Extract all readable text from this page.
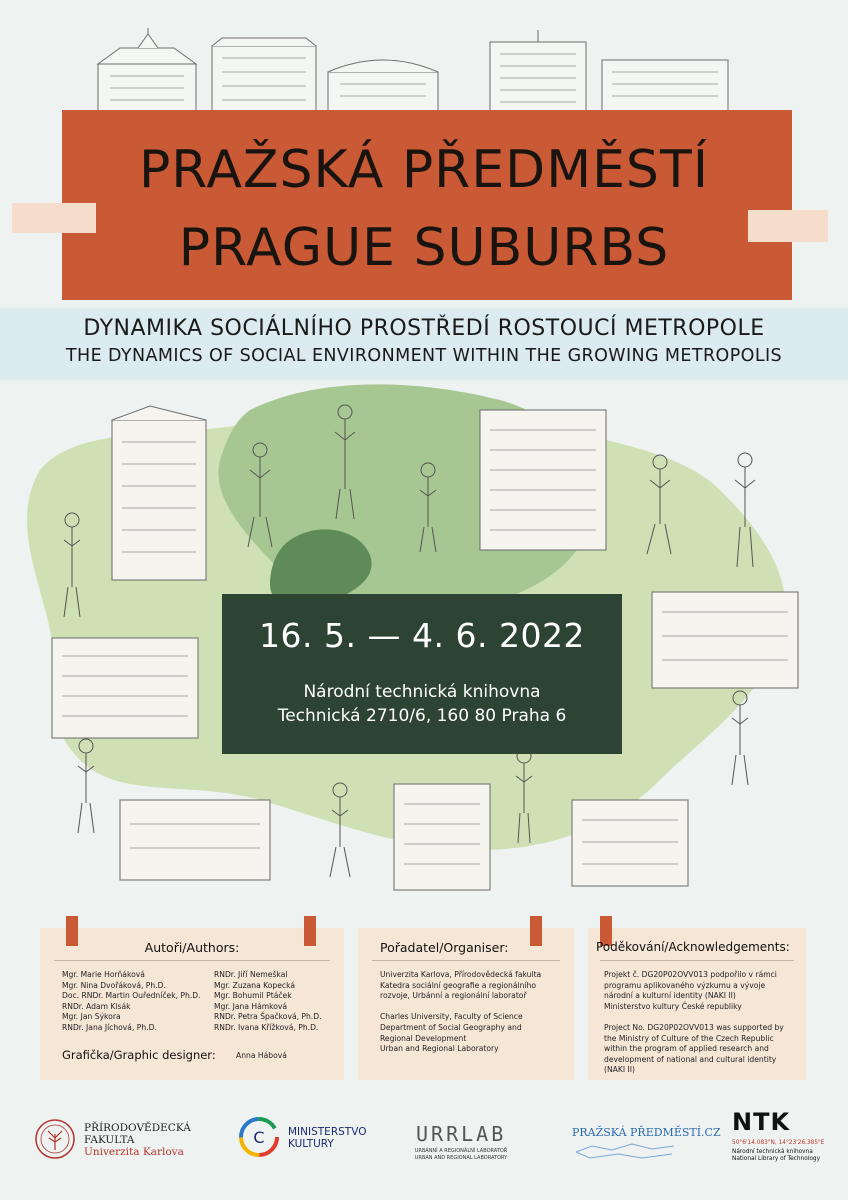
PRAŽSKÁ PŘEDMĚSTÍ
PRAGUE SUBURBS
DYNAMIKA SOCIÁLNÍHO PROSTŘEDÍ ROSTOUCÍ METROPOLE
THE DYNAMICS OF SOCIAL ENVIRONMENT WITHIN THE GROWING METROPOLIS
16. 5. — 4. 6. 2022
Národní technická knihovna
Technická 2710/6, 160 80 Praha 6
Autoři/Authors:
Mgr. Marie Horňáková
Mgr. Nina Dvořáková, Ph.D.
Doc. RNDr. Martin Ouředníček, Ph.D.
RNDr. Adam Klsák
Mgr. Jan Sýkora
RNDr. Jana Jíchová, Ph.D.
RNDr. Jiří Nemeškal
Mgr. Zuzana Kopecká
Mgr. Bohumil Ptáček
Mgr. Jana Hámková
RNDr. Petra Špačková, Ph.D.
RNDr. Ivana Křížková, Ph.D.
Grafička/Graphic designer:	Anna Hábová
Pořadatel/Organiser:
Univerzita Karlova, Přírodovědecká fakulta
Katedra sociální geografie a regionálního
rozvoje, Urbánní a regionální laboratoř
Charles University, Faculty of Science
Department of Social Geography and
Regional Development
Urban and Regional Laboratory
Poděkování/Acknowledgements:
Projekt č. DG20P02OVV013 podpořilo v rámci
programu aplikovaného výzkumu a vývoje
národní a kulturní identity (NAKI II)
Ministerstvo kultury České republiky
Project No. DG20P02OVV013 was supported by
the Ministry of Culture of the Czech Republic
within the program of applied research and
development of national and cultural identity
(NAKI II)
PŘÍRODOVĚDECKÁ
FAKULTA
Univerzita Karlova
C MINISTERSTVO
KULTURY	URRLAB
URBÁNNÍ A REGIONÁLNÍ LABORATOŘ
URBAN AND REGIONAL LABORATORY
PRAŽSKÁ PŘEDMĚSTÍ.CZ NTK
50°6'14.083"N, 14°23'26.385"E
Národní technická knihovna
National Library of Technology
